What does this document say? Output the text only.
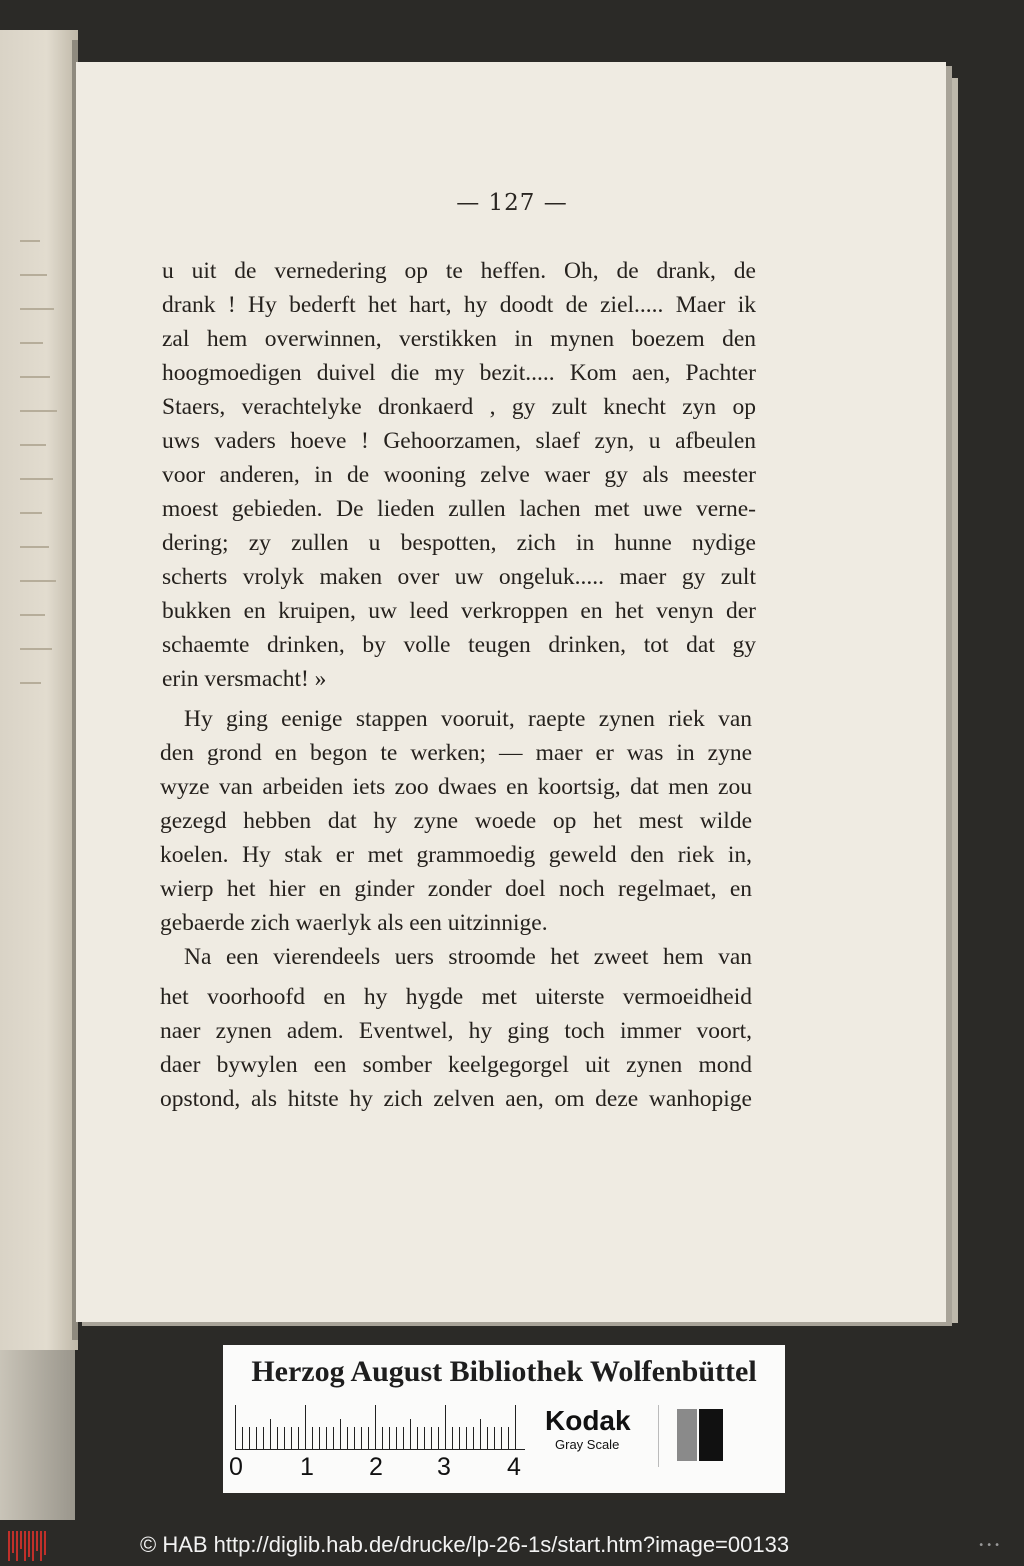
— 127 —
u uit de vernedering op te heffen. Oh, de drank, de
drank ! Hy bederft het hart, hy doodt de ziel..... Maer ik
zal hem overwinnen, verstikken in mynen boezem den
hoogmoedigen duivel die my bezit..... Kom aen, Pachter
Staers, verachtelyke dronkaerd , gy zult knecht zyn op
uws vaders hoeve ! Gehoorzamen, slaef zyn, u afbeulen
voor anderen, in de wooning zelve waer gy als meester
moest gebieden. De lieden zullen lachen met uwe verne-
dering; zy zullen u bespotten, zich in hunne nydige
scherts vrolyk maken over uw ongeluk..... maer gy zult
bukken en kruipen, uw leed verkroppen en het venyn der
schaemte drinken, by volle teugen drinken, tot dat gy
erin versmacht! »
Hy ging eenige stappen vooruit, raepte zynen riek van
den grond en begon te werken; — maer er was in zyne
wyze van arbeiden iets zoo dwaes en koortsig, dat men zou
gezegd hebben dat hy zyne woede op het mest wilde
koelen. Hy stak er met grammoedig geweld den riek in,
wierp het hier en ginder zonder doel noch regelmaet, en
gebaerde zich waerlyk als een uitzinnige.
Na een vierendeels uers stroomde het zweet hem van
het voorhoofd en hy hygde met uiterste vermoeidheid
naer zynen adem. Eventwel, hy ging toch immer voort,
daer bywylen een somber keelgegorgel uit zynen mond
opstond, als hitste hy zich zelven aen, om deze wanhopige
Herzog August Bibliothek Wolfenbüttel
0 1 2 3 4
Kodak
Gray Scale
© HAB http://diglib.hab.de/drucke/lp-26-1s/start.htm?image=00133	•••
